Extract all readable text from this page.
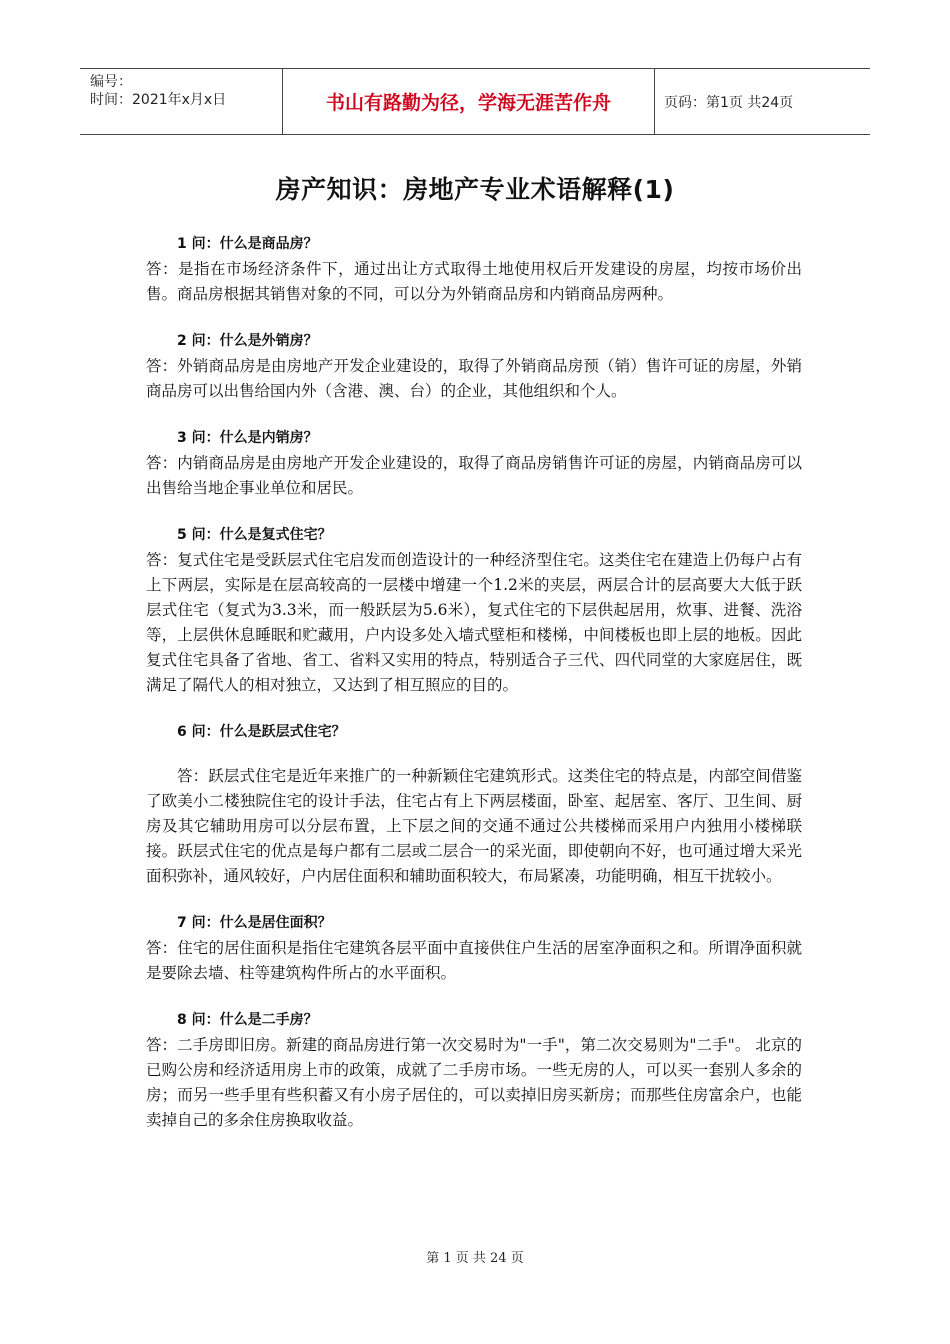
编号：
时间：2021年x月x日	书山有路勤为径，学海无涯苦作舟	页码：第1页 共24页
房产知识：房地产专业术语解释(1)

1 问：什么是商品房？

答：是指在市场经济条件下，通过出让方式取得土地使用权后开发建设的房屋，均按市场价出售。商品房根据其销售对象的不同，可以分为外销商品房和内销商品房两种。

2 问：什么是外销房？

答：外销商品房是由房地产开发企业建设的，取得了外销商品房预（销）售许可证的房屋，外销商品房可以出售给国内外（含港、澳、台）的企业，其他组织和个人。

3 问：什么是内销房？

答：内销商品房是由房地产开发企业建设的，取得了商品房销售许可证的房屋，内销商品房可以出售给当地企事业单位和居民。

5 问：什么是复式住宅？

答：复式住宅是受跃层式住宅启发而创造设计的一种经济型住宅。这类住宅在建造上仍每户占有上下两层，实际是在层高较高的一层楼中增建一个1.2米的夹层，两层合计的层高要大大低于跃层式住宅（复式为3.3米，而一般跃层为5.6米），复式住宅的下层供起居用，炊事、进餐、洗浴等，上层供休息睡眠和贮藏用，户内设多处入墙式壁柜和楼梯，中间楼板也即上层的地板。因此复式住宅具备了省地、省工、省料又实用的特点，特别适合子三代、四代同堂的大家庭居住，既满足了隔代人的相对独立，又达到了相互照应的目的。

6 问：什么是跃层式住宅？

答：跃层式住宅是近年来推广的一种新颖住宅建筑形式。这类住宅的特点是，内部空间借鉴了欧美小二楼独院住宅的设计手法，住宅占有上下两层楼面，卧室、起居室、客厅、卫生间、厨房及其它辅助用房可以分层布置，上下层之间的交通不通过公共楼梯而采用户内独用小楼梯联接。跃层式住宅的优点是每户都有二层或二层合一的采光面，即使朝向不好，也可通过增大采光面积弥补，通风较好，户内居住面积和辅助面积较大，布局紧凑，功能明确，相互干扰较小。

7 问：什么是居住面积？

答：住宅的居住面积是指住宅建筑各层平面中直接供住户生活的居室净面积之和。所谓净面积就是要除去墙、柱等建筑构件所占的水平面积。

8 问：什么是二手房？

答：二手房即旧房。新建的商品房进行第一次交易时为"一手"，第二次交易则为"二手"。 北京的已购公房和经济适用房上市的政策，成就了二手房市场。一些无房的人，可以买一套别人多余的房；而另一些手里有些积蓄又有小房子居住的，可以卖掉旧房买新房；而那些住房富余户，也能卖掉自己的多余住房换取收益。

第 1 页 共 24 页
